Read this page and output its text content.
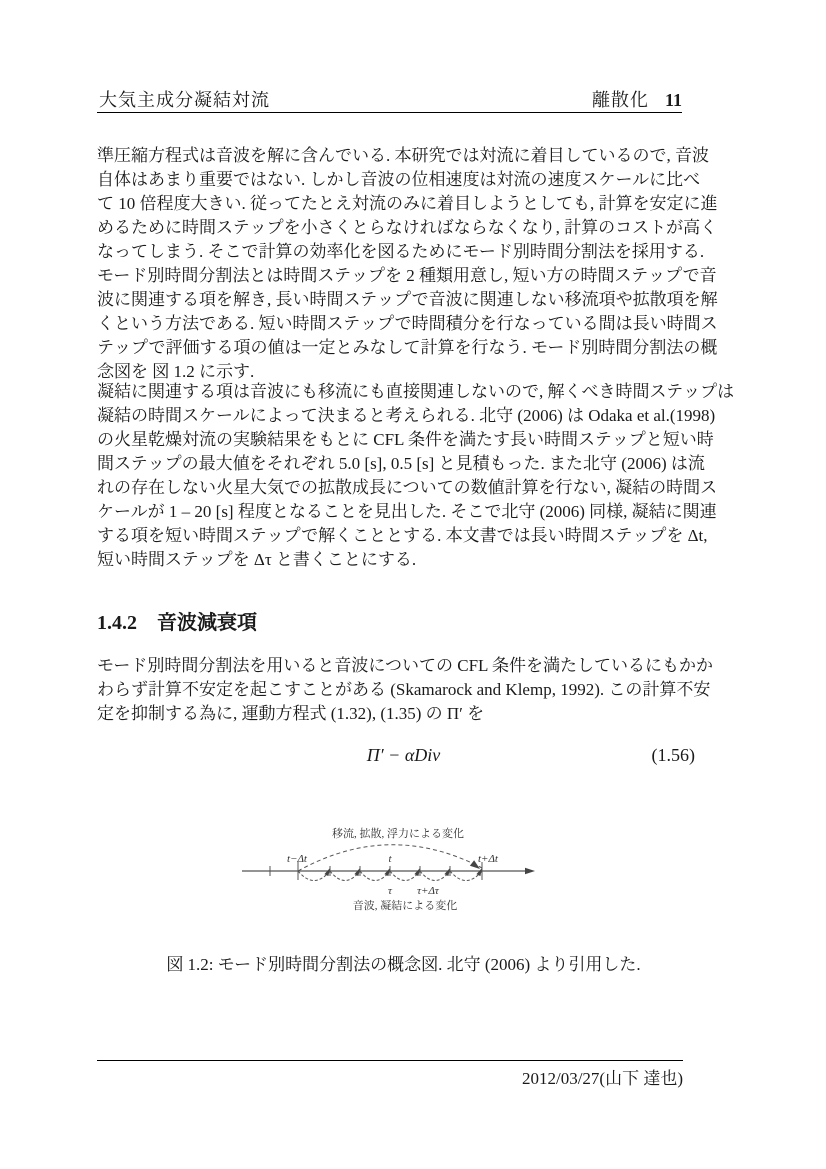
大気主成分凝結対流	離散化 11
準圧縮方程式は音波を解に含んでいる. 本研究では対流に着目しているので, 音波
自体はあまり重要ではない. しかし音波の位相速度は対流の速度スケールに比べ
て 10 倍程度大きい. 従ってたとえ対流のみに着目しようとしても, 計算を安定に進
めるために時間ステップを小さくとらなければならなくなり, 計算のコストが高く
なってしまう. そこで計算の効率化を図るためにモード別時間分割法を採用する.
モード別時間分割法とは時間ステップを 2 種類用意し, 短い方の時間ステップで音
波に関連する項を解き, 長い時間ステップで音波に関連しない移流項や拡散項を解
くという方法である. 短い時間ステップで時間積分を行なっている間は長い時間ス
テップで評価する項の値は一定とみなして計算を行なう. モード別時間分割法の概
念図を 図 1.2 に示す.
凝結に関連する項は音波にも移流にも直接関連しないので, 解くべき時間ステップは
凝結の時間スケールによって決まると考えられる. 北守 (2006) は Odaka et al.(1998)
の火星乾燥対流の実験結果をもとに CFL 条件を満たす長い時間ステップと短い時
間ステップの最大値をそれぞれ 5.0 [s], 0.5 [s] と見積もった. また北守 (2006) は流
れの存在しない火星大気での拡散成長についての数値計算を行ない, 凝結の時間ス
ケールが 1 – 20 [s] 程度となることを見出した. そこで北守 (2006) 同様, 凝結に関連
する項を短い時間ステップで解くこととする. 本文書では長い時間ステップを Δt,
短い時間ステップを Δτ と書くことにする.
1.4.2 音波減衰項
モード別時間分割法を用いると音波についての CFL 条件を満たしているにもかか
わらず計算不安定を起こすことがある (Skamarock and Klemp, 1992). この計算不安
定を抑制する為に, 運動方程式 (1.32), (1.35) の Π′ を
Π′ − αDiv	(1.56)
移流, 拡散, 浮力による変化
t−Δt	t	t+Δt
τ τ+Δτ
音波, 凝結による変化
図 1.2: モード別時間分割法の概念図. 北守 (2006) より引用した.
2012/03/27(山下 達也)
